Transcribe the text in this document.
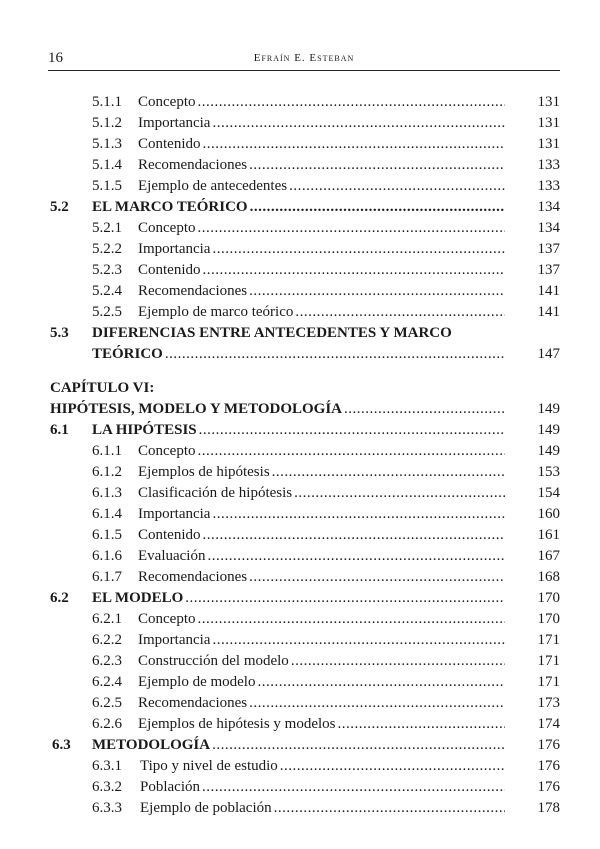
16	Efraín E. Esteban
5.1.1 Concepto .....	131
5.1.2 Importancia .....	131
5.1.3 Contenido .....	131
5.1.4 Recomendaciones .....	133
5.1.5 Ejemplo de antecedentes .....	133
5.2 EL MARCO TEÓRICO .....	134
5.2.1 Concepto .....	134
5.2.2 Importancia .....	137
5.2.3 Contenido .....	137
5.2.4 Recomendaciones .....	141
5.2.5 Ejemplo de marco teórico .....	141
5.3 DIFERENCIAS ENTRE ANTECEDENTES Y MARCO
TEÓRICO .....	147
CAPÍTULO VI:
HIPÓTESIS, MODELO Y METODOLOGÍA .....	149
6.1 LA HIPÓTESIS .....	149
6.1.1 Concepto .....	149
6.1.2 Ejemplos de hipótesis .....	153
6.1.3 Clasificación de hipótesis .....	154
6.1.4 Importancia .....	160
6.1.5 Contenido .....	161
6.1.6 Evaluación .....	167
6.1.7 Recomendaciones .....	168
6.2 EL MODELO .....	170
6.2.1 Concepto .....	170
6.2.2 Importancia .....	171
6.2.3 Construcción del modelo .....	171
6.2.4 Ejemplo de modelo .....	171
6.2.5 Recomendaciones .....	173
6.2.6 Ejemplos de hipótesis y modelos .....	174
6.3 METODOLOGÍA .....	176
6.3.1 Tipo y nivel de estudio .....	176
6.3.2 Población .....	176
6.3.3 Ejemplo de población .....	178
